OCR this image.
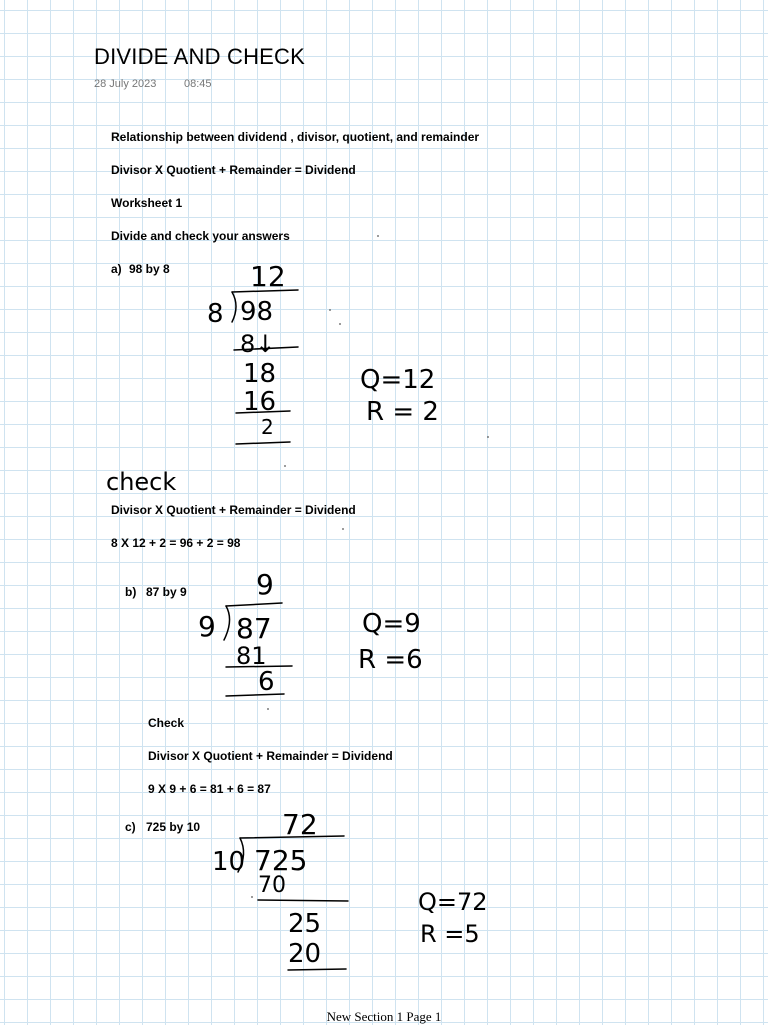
DIVIDE AND CHECK
28 July 2023	08:45
Relationship between dividend , divisor, quotient, and remainder
Divisor X Quotient + Remainder = Dividend
Worksheet 1
Divide and check your answers
a) 98 by 8
Divisor X Quotient + Remainder = Dividend
8 X 12 + 2 = 96 + 2 = 98
b) 87 by 9
Check
Divisor X Quotient + Remainder = Dividend
9 X 9 + 6 = 81 + 6 = 87
c) 725 by 10
12
8 98
8↓
18
16
2
Q=12
R = 2
check
9
9 87
81
6
Q=9
R =6
72
10 725
70
25
20
Q=72
R =5
New Section 1 Page 1
